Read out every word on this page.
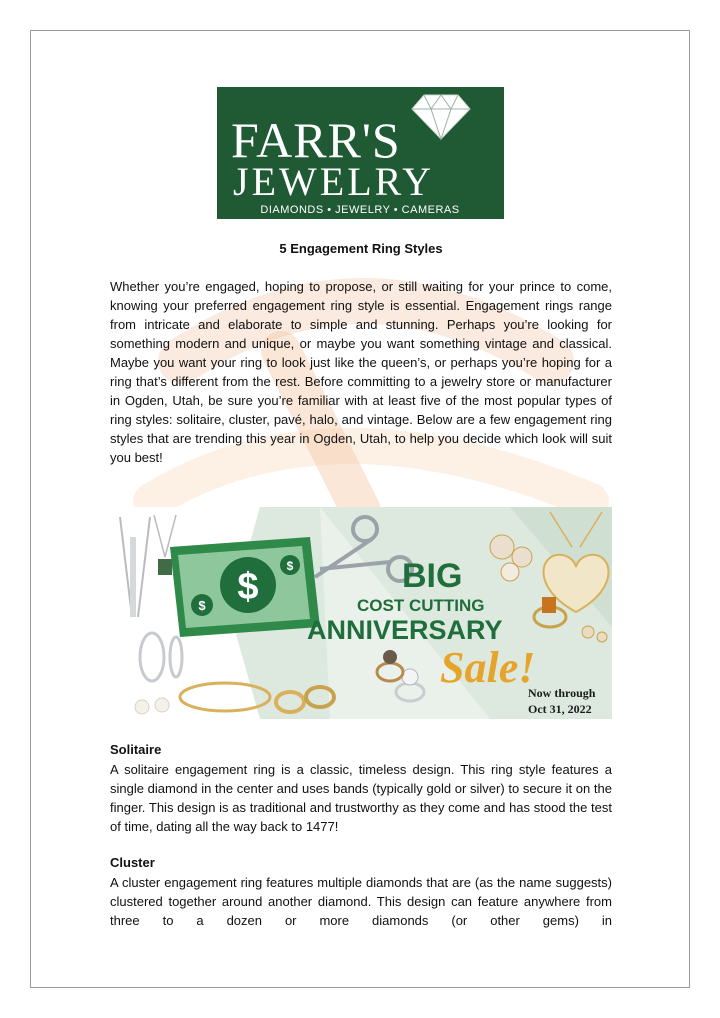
FARR'S
JEWELRY
DIAMONDS • JEWELRY • CAMERAS
5 Engagement Ring Styles

Whether you’re engaged, hoping to propose, or still waiting for your prince to come, knowing your preferred engagement ring style is essential. Engagement rings range from intricate and elaborate to simple and stunning. Perhaps you’re looking for something modern and unique, or maybe you want something vintage and classical. Maybe you want your ring to look just like the queen’s, or perhaps you’re hoping for a ring that’s different from the rest. Before committing to a jewelry store or manufacturer in Ogden, Utah, be sure you’re familiar with at least five of the most popular types of ring styles: solitaire, cluster, pavé, halo, and vintage. Below are a few engagement ring styles that are trending this year in Ogden, Utah, to help you decide which look will suit you best!

$
$
$	BIG
COST CUTTING
ANNIVERSARY
Sale!
Now through
Oct 31, 2022
Solitaire

A solitaire engagement ring is a classic, timeless design. This ring style features a single diamond in the center and uses bands (typically gold or silver) to secure it on the finger. This design is as traditional and trustworthy as they come and has stood the test of time, dating all the way back to 1477!

Cluster

A cluster engagement ring features multiple diamonds that are (as the name suggests) clustered together around another diamond. This design can feature anywhere from three to a dozen or more diamonds (or other gems) in
